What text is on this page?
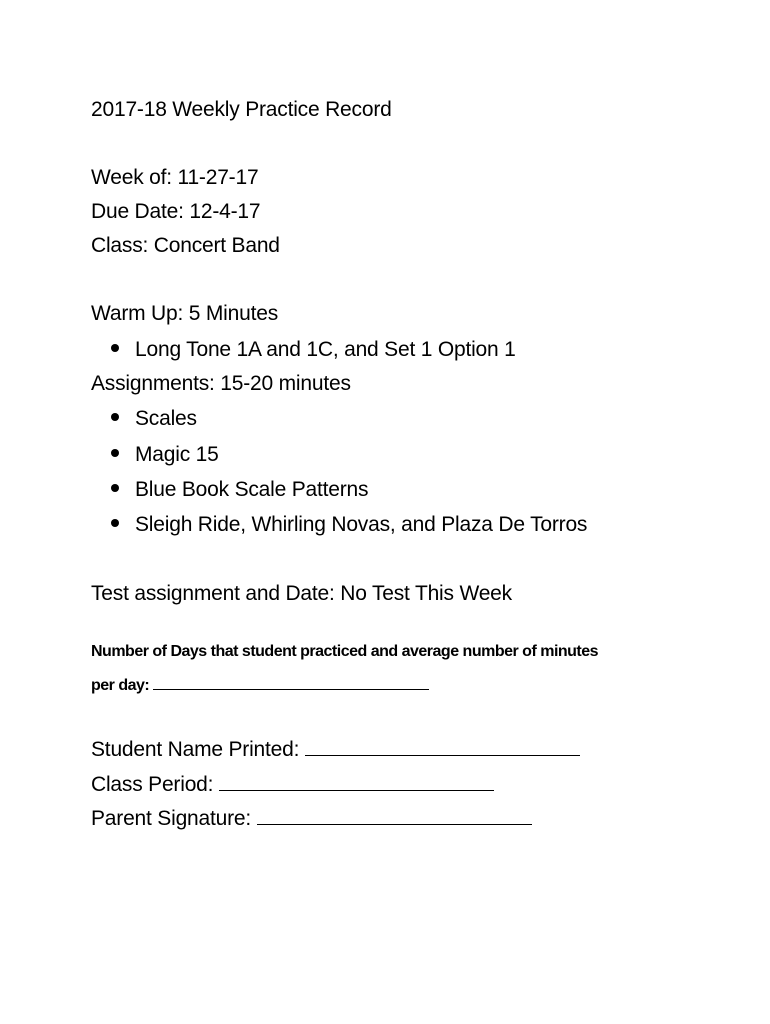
2017-18 Weekly Practice Record
Week of: 11-27-17
Due Date: 12-4-17
Class: Concert Band
Warm Up: 5 Minutes
Long Tone 1A and 1C, and Set 1 Option 1
Assignments: 15-20 minutes
Scales
Magic 15
Blue Book Scale Patterns
Sleigh Ride, Whirling Novas, and Plaza De Torros
Test assignment and Date: No Test This Week
Number of Days that student practiced and average number of minutes
per day:
Student Name Printed:
Class Period:
Parent Signature:
